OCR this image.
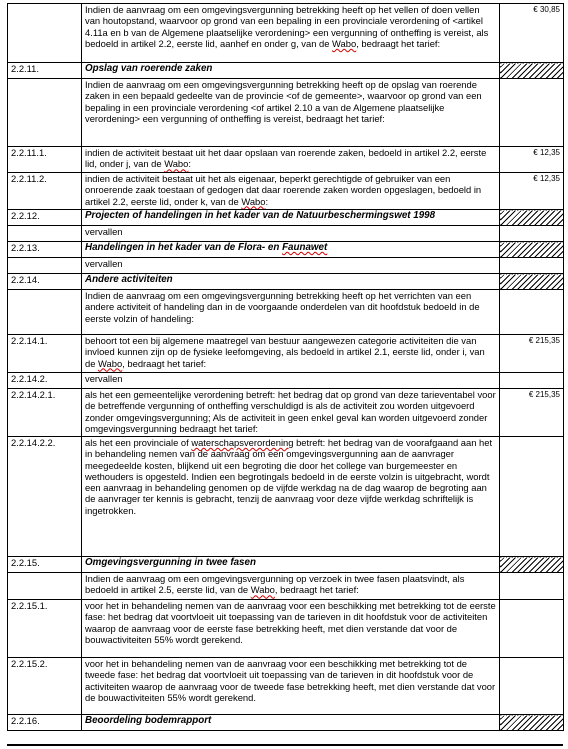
	Indien de aanvraag om een omgevingsvergunning betrekking heeft op het vellen of doen vellen van houtopstand, waarvoor op grond van een bepaling in een provinciale verordening of <artikel 4.11a en b van de Algemene plaatselijke verordening> een vergunning of ontheffing is vereist, als bedoeld in artikel 2.2, eerste lid, aanhef en onder g, van de Wabo, bedraagt het tarief:	€ 30,85
2.2.11.	Opslag van roerende zaken	
	Indien de aanvraag om een omgevingsvergunning betrekking heeft op de opslag van roerende zaken in een bepaald gedeelte van de provincie <of de gemeente>, waarvoor op grond van een bepaling in een provinciale verordening <of artikel 2.10 a van de Algemene plaatselijke verordening> een vergunning of ontheffing is vereist, bedraagt het tarief:	
2.2.11.1.	indien de activiteit bestaat uit het daar opslaan van roerende zaken, bedoeld in artikel 2.2, eerste lid, onder j, van de Wabo:	€ 12,35
2.2.11.2.	indien de activiteit bestaat uit het als eigenaar, beperkt gerechtigde of gebruiker van een onroerende zaak toestaan of gedogen dat daar roerende zaken worden opgeslagen, bedoeld in artikel 2.2, eerste lid, onder k, van de Wabo:	€ 12,35
2.2.12.	Projecten of handelingen in het kader van de Natuurbeschermingswet 1998	
	vervallen	
2.2.13.	Handelingen in het kader van de Flora- en Faunawet	
	vervallen	
2.2.14.	Andere activiteiten	
	Indien de aanvraag om een omgevingsvergunning betrekking heeft op het verrichten van een andere activiteit of handeling dan in de voorgaande onderdelen van dit hoofdstuk bedoeld in de eerste volzin of handeling:	
2.2.14.1.	behoort tot een bij algemene maatregel van bestuur aangewezen categorie activiteiten die van invloed kunnen zijn op de fysieke leefomgeving, als bedoeld in artikel 2.1, eerste lid, onder i, van de Wabo, bedraagt het tarief:	€ 215,35
2.2.14.2.	vervallen	
2.2.14.2.1.	als het een gemeentelijke verordening betreft: het bedrag dat op grond van deze tarieventabel voor de betreffende vergunning of ontheffing verschuldigd is als de activiteit zou worden uitgevoerd zonder omgevingsvergunning; Als de activiteit in geen enkel geval kan worden uitgevoerd zonder omgevingsvergunning bedraagt het tarief:	€ 215,35
2.2.14.2.2.	als het een provinciale of waterschapsverordening betreft: het bedrag van de voorafgaand aan het in behandeling nemen van de aanvraag om een omgevingsvergunning aan de aanvrager meegedeelde kosten, blijkend uit een begroting die door het college van burgemeester en wethouders is opgesteld. Indien een begrotingals bedoeld in de eerste volzin is uitgebracht, wordt een aanvraag in behandeling genomen op de vijfde werkdag na de dag waarop de begroting aan de aanvrager ter kennis is gebracht, tenzij de aanvraag voor deze vijfde werkdag schriftelijk is ingetrokken.	
2.2.15.	Omgevingsvergunning in twee fasen	
	Indien de aanvraag om een omgevingsvergunning op verzoek in twee fasen plaatsvindt, als bedoeld in artikel 2.5, eerste lid, van de Wabo, bedraagt het tarief:	
2.2.15.1.	voor het in behandeling nemen van de aanvraag voor een beschikking met betrekking tot de eerste fase: het bedrag dat voortvloeit uit toepassing van de tarieven in dit hoofdstuk voor de activiteiten waarop de aanvraag voor de eerste fase betrekking heeft, met dien verstande dat voor de bouwactiviteiten 55% wordt gerekend.	
2.2.15.2.	voor het in behandeling nemen van de aanvraag voor een beschikking met betrekking tot de tweede fase: het bedrag dat voortvloeit uit toepassing van de tarieven in dit hoofdstuk voor de activiteiten waarop de aanvraag voor de tweede fase betrekking heeft, met dien verstande dat voor de bouwactiviteiten 55% wordt gerekend.	
2.2.16.	Beoordeling bodemrapport	
